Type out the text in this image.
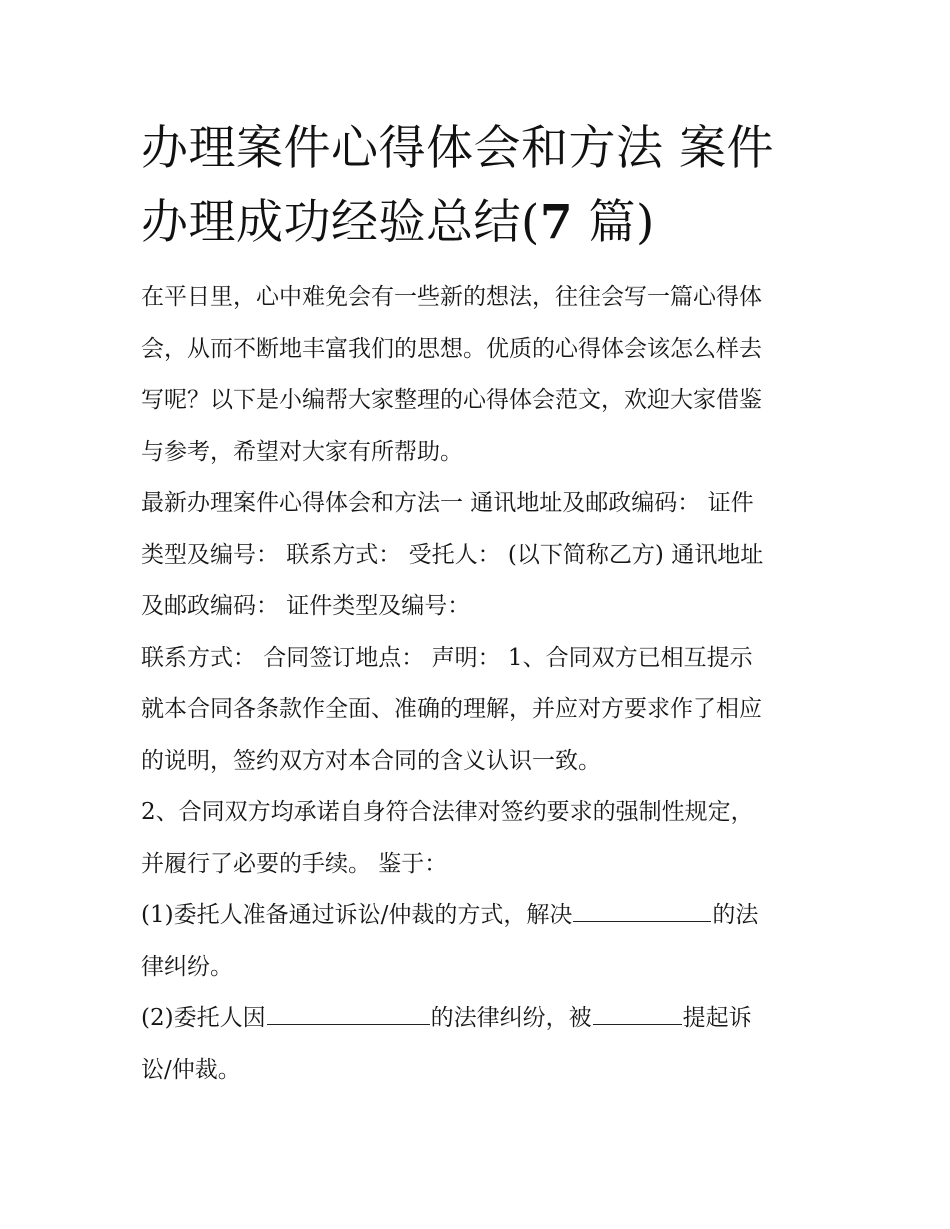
办理案件心得体会和方法 案件
办理成功经验总结(7 篇)

在平日里，心中难免会有一些新的想法，往往会写一篇心得体
会，从而不断地丰富我们的思想。优质的心得体会该怎么样去
写呢？以下是小编帮大家整理的心得体会范文，欢迎大家借鉴
与参考，希望对大家有所帮助。

最新办理案件心得体会和方法一 通讯地址及邮政编码： 证件
类型及编号： 联系方式： 受托人： (以下简称乙方) 通讯地址
及邮政编码： 证件类型及编号：

联系方式： 合同签订地点： 声明： 1、合同双方已相互提示
就本合同各条款作全面、准确的理解，并应对方要求作了相应
的说明，签约双方对本合同的含义认识一致。

2、合同双方均承诺自身符合法律对签约要求的强制性规定，
并履行了必要的手续。 鉴于：

(1)委托人准备通过诉讼/仲裁的方式，解决	的法
律纠纷。

(2)委托人因	的法律纠纷，被	提起诉
讼/仲裁。
